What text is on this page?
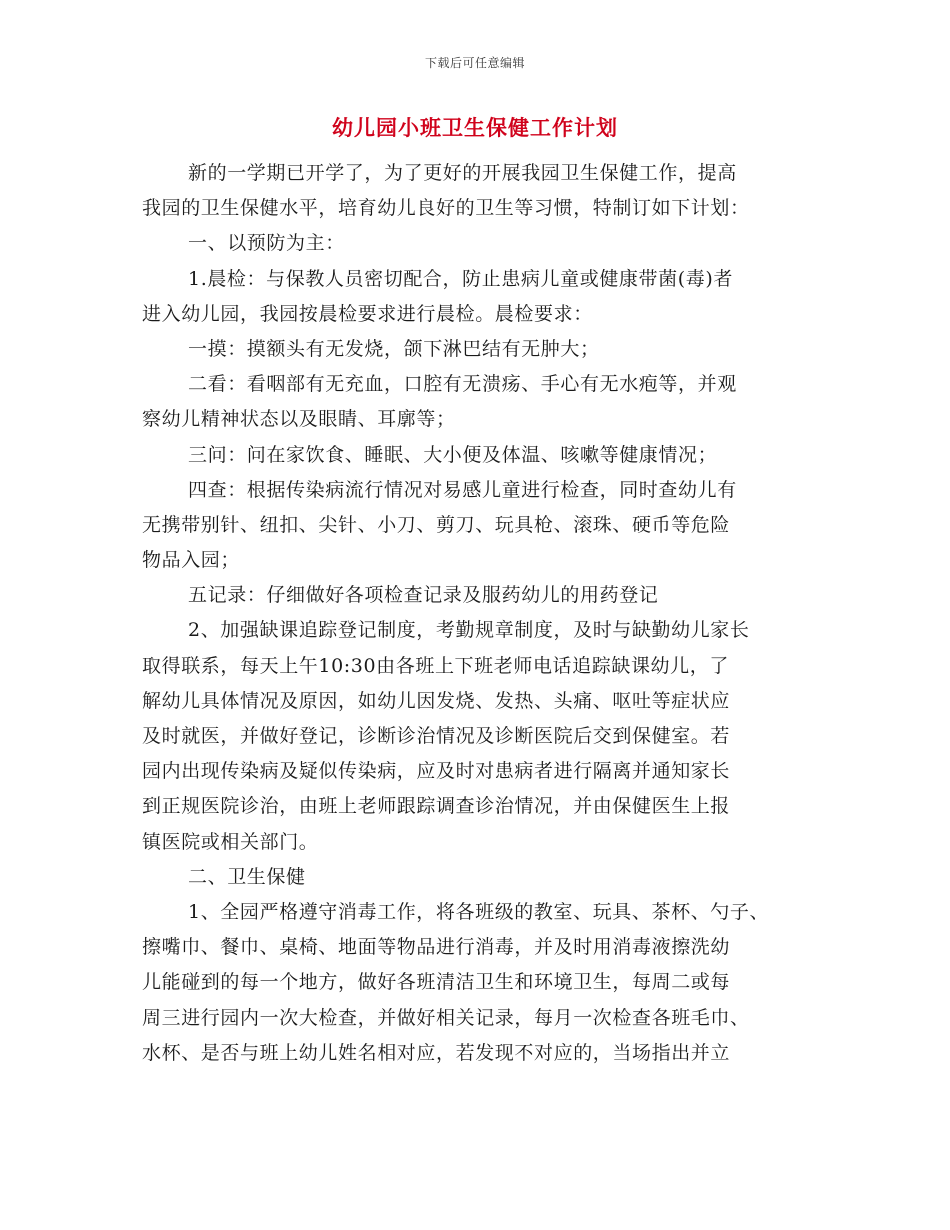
下载后可任意编辑
幼儿园小班卫生保健工作计划
新的一学期已开学了，为了更好的开展我园卫生保健工作，提高
我园的卫生保健水平，培育幼儿良好的卫生等习惯，特制订如下计划：
一、以预防为主：
1.晨检：与保教人员密切配合，防止患病儿童或健康带菌(毒)者
进入幼儿园，我园按晨检要求进行晨检。晨检要求：
一摸：摸额头有无发烧，颌下淋巴结有无肿大；
二看：看咽部有无充血，口腔有无溃疡、手心有无水疱等，并观
察幼儿精神状态以及眼睛、耳廓等；
三问：问在家饮食、睡眠、大小便及体温、咳嗽等健康情况；
四查：根据传染病流行情况对易感儿童进行检查，同时查幼儿有
无携带别针、纽扣、尖针、小刀、剪刀、玩具枪、滚珠、硬币等危险
物品入园；
五记录：仔细做好各项检查记录及服药幼儿的用药登记
2、加强缺课追踪登记制度，考勤规章制度，及时与缺勤幼儿家长
取得联系，每天上午10:30由各班上下班老师电话追踪缺课幼儿，了
解幼儿具体情况及原因，如幼儿因发烧、发热、头痛、呕吐等症状应
及时就医，并做好登记，诊断诊治情况及诊断医院后交到保健室。若
园内出现传染病及疑似传染病，应及时对患病者进行隔离并通知家长
到正规医院诊治，由班上老师跟踪调查诊治情况，并由保健医生上报
镇医院或相关部门。
二、卫生保健
1、全园严格遵守消毒工作，将各班级的教室、玩具、茶杯、勺子、
擦嘴巾、餐巾、桌椅、地面等物品进行消毒，并及时用消毒液擦洗幼
儿能碰到的每一个地方，做好各班清洁卫生和环境卫生，每周二或每
周三进行园内一次大检查，并做好相关记录，每月一次检查各班毛巾、
水杯、是否与班上幼儿姓名相对应，若发现不对应的，当场指出并立
